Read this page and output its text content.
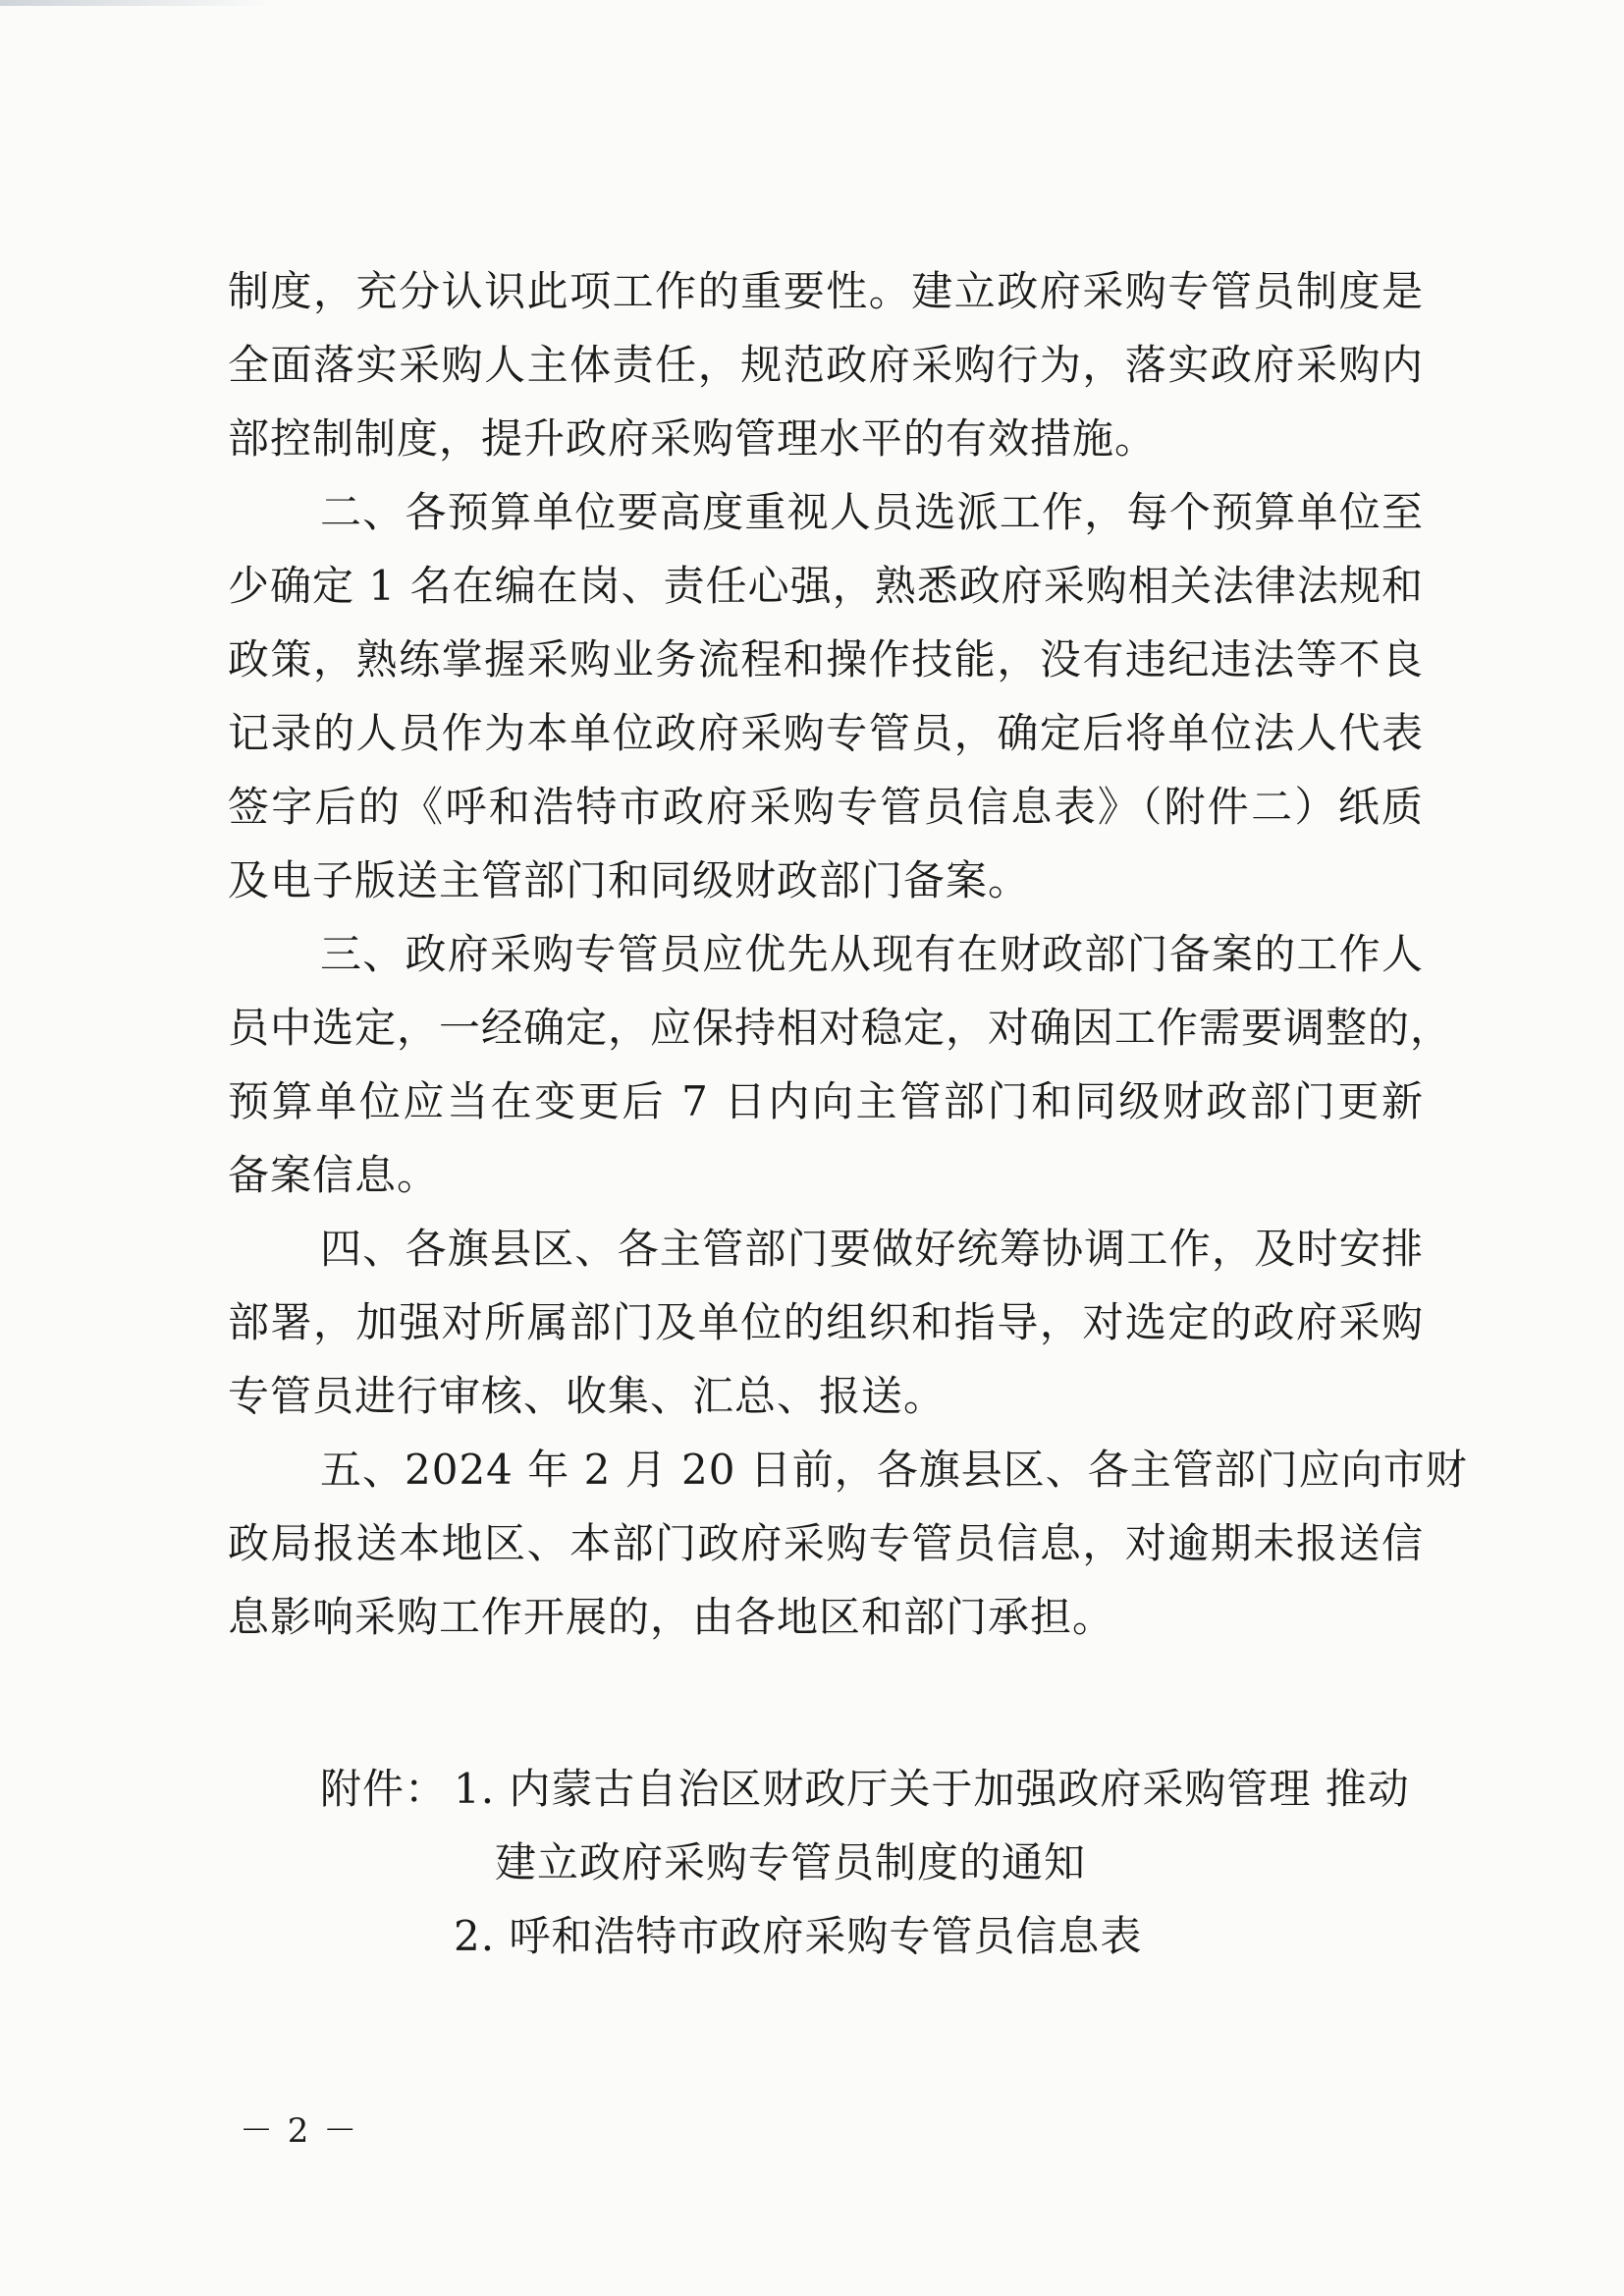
制度，充分认识此项工作的重要性。建立政府采购专管员制度是
全面落实采购人主体责任，规范政府采购行为，落实政府采购内
部控制制度，提升政府采购管理水平的有效措施。
二、各预算单位要高度重视人员选派工作，每个预算单位至
少确定 1 名在编在岗、责任心强，熟悉政府采购相关法律法规和
政策，熟练掌握采购业务流程和操作技能，没有违纪违法等不良
记录的人员作为本单位政府采购专管员，确定后将单位法人代表
签字后的《呼和浩特市政府采购专管员信息表》（附件二）纸质
及电子版送主管部门和同级财政部门备案。
三、政府采购专管员应优先从现有在财政部门备案的工作人
员中选定，一经确定，应保持相对稳定，对确因工作需要调整的，
预算单位应当在变更后 7 日内向主管部门和同级财政部门更新
备案信息。
四、各旗县区、各主管部门要做好统筹协调工作，及时安排
部署，加强对所属部门及单位的组织和指导，对选定的政府采购
专管员进行审核、收集、汇总、报送。
五、2024 年 2 月 20 日前，各旗县区、各主管部门应向市财
政局报送本地区、本部门政府采购专管员信息，对逾期未报送信
息影响采购工作开展的，由各地区和部门承担。
附件： 1. 内蒙古自治区财政厅关于加强政府采购管理 推动
建立政府采购专管员制度的通知
2. 呼和浩特市政府采购专管员信息表
－ 2 －
